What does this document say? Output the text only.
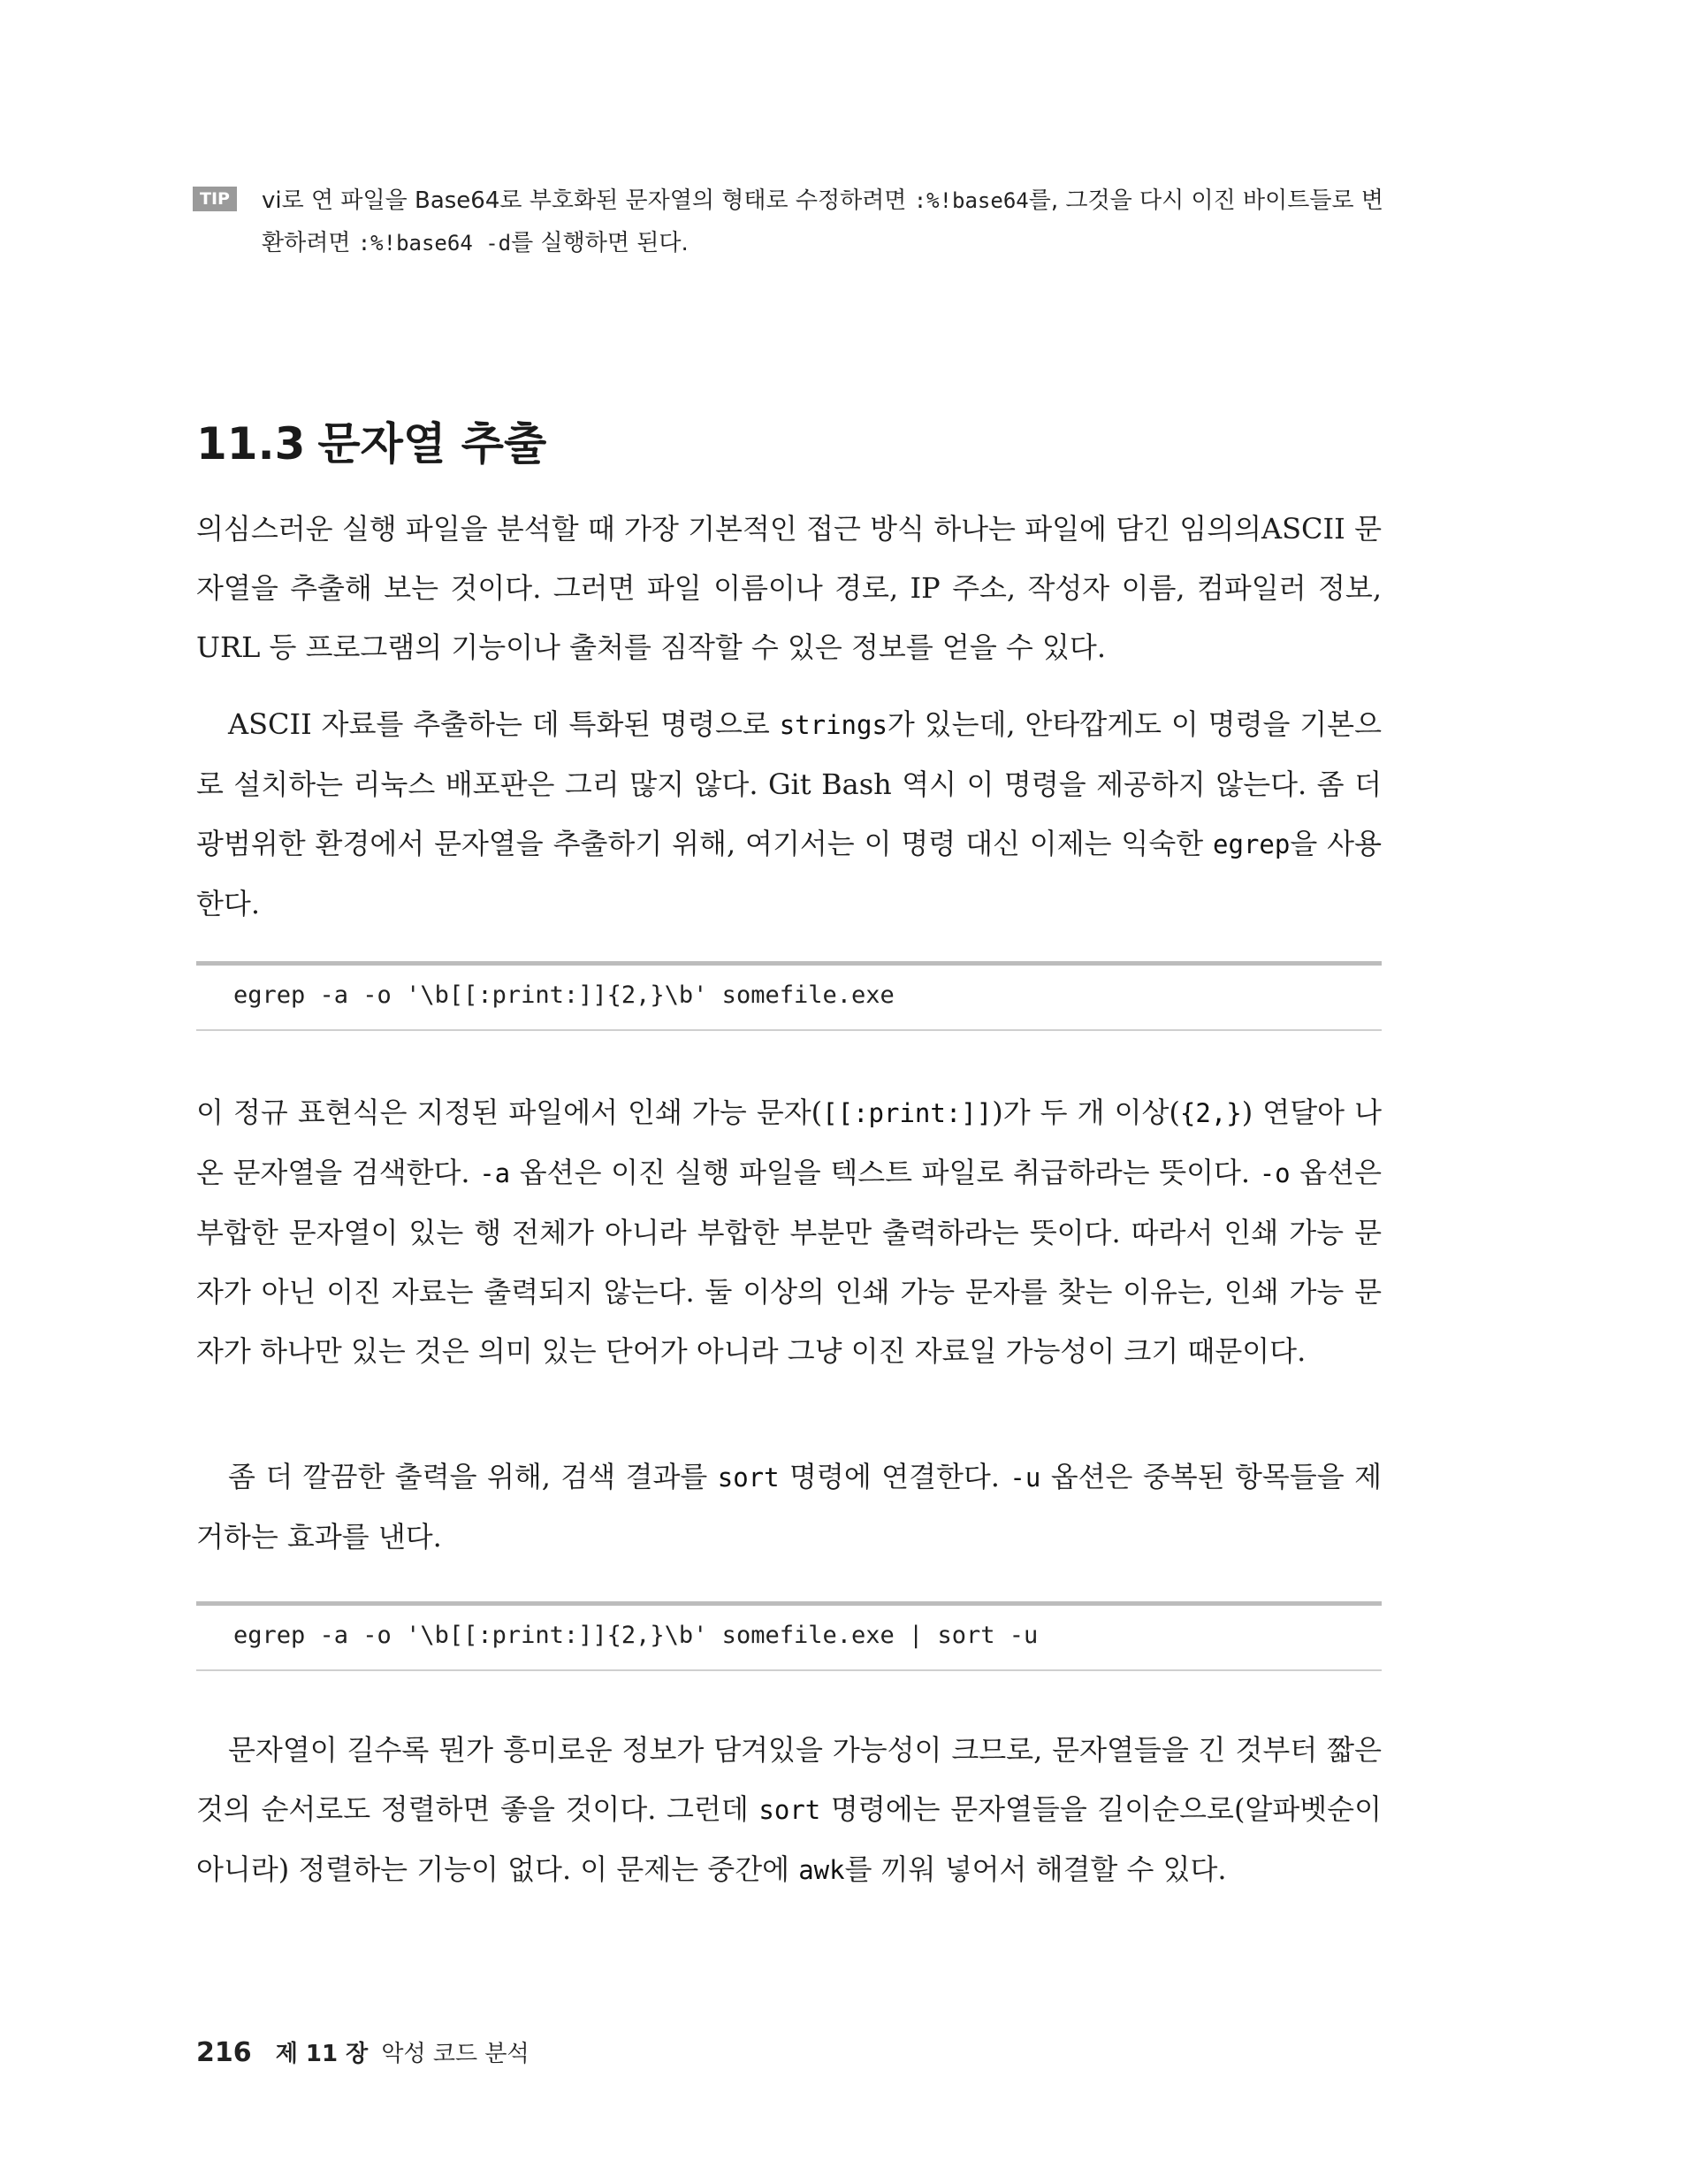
TIP	vi로 연 파일을 Base64로 부호화된 문자열의 형태로 수정하려면 :%!base64를, 그것을 다시 이진 바이트들로 변환하려면 :%!base64 -d를 실행하면 된다.
11.3 문자열 추출

의심스러운 실행 파일을 분석할 때 가장 기본적인 접근 방식 하나는 파일에 담긴 임의의ASCII 문자열을 추출해 보는 것이다. 그러면 파일 이름이나 경로, IP 주소, 작성자 이름, 컴파일러 정보, URL 등 프로그램의 기능이나 출처를 짐작할 수 있은 정보를 얻을 수 있다.

ASCII 자료를 추출하는 데 특화된 명령으로 strings가 있는데, 안타깝게도 이 명령을 기본으로 설치하는 리눅스 배포판은 그리 많지 않다. Git Bash 역시 이 명령을 제공하지 않는다. 좀 더 광범위한 환경에서 문자열을 추출하기 위해, 여기서는 이 명령 대신 이제는 익숙한 egrep을 사용한다.

egrep -a -o '\b[[:print:]]{2,}\b' somefile.exe

이 정규 표현식은 지정된 파일에서 인쇄 가능 문자([[:print:]])가 두 개 이상({2,}) 연달아 나온 문자열을 검색한다. -a 옵션은 이진 실행 파일을 텍스트 파일로 취급하라는 뜻이다. -o 옵션은 부합한 문자열이 있는 행 전체가 아니라 부합한 부분만 출력하라는 뜻이다. 따라서 인쇄 가능 문자가 아닌 이진 자료는 출력되지 않는다. 둘 이상의 인쇄 가능 문자를 찾는 이유는, 인쇄 가능 문자가 하나만 있는 것은 의미 있는 단어가 아니라 그냥 이진 자료일 가능성이 크기 때문이다.

좀 더 깔끔한 출력을 위해, 검색 결과를 sort 명령에 연결한다. -u 옵션은 중복된 항목들을 제거하는 효과를 낸다.

egrep -a -o '\b[[:print:]]{2,}\b' somefile.exe | sort -u

문자열이 길수록 뭔가 흥미로운 정보가 담겨있을 가능성이 크므로, 문자열들을 긴 것부터 짧은 것의 순서로도 정렬하면 좋을 것이다. 그런데 sort 명령에는 문자열들을 길이순으로(알파벳순이 아니라) 정렬하는 기능이 없다. 이 문제는 중간에 awk를 끼워 넣어서 해결할 수 있다.

216 제 11 장 악성 코드 분석
